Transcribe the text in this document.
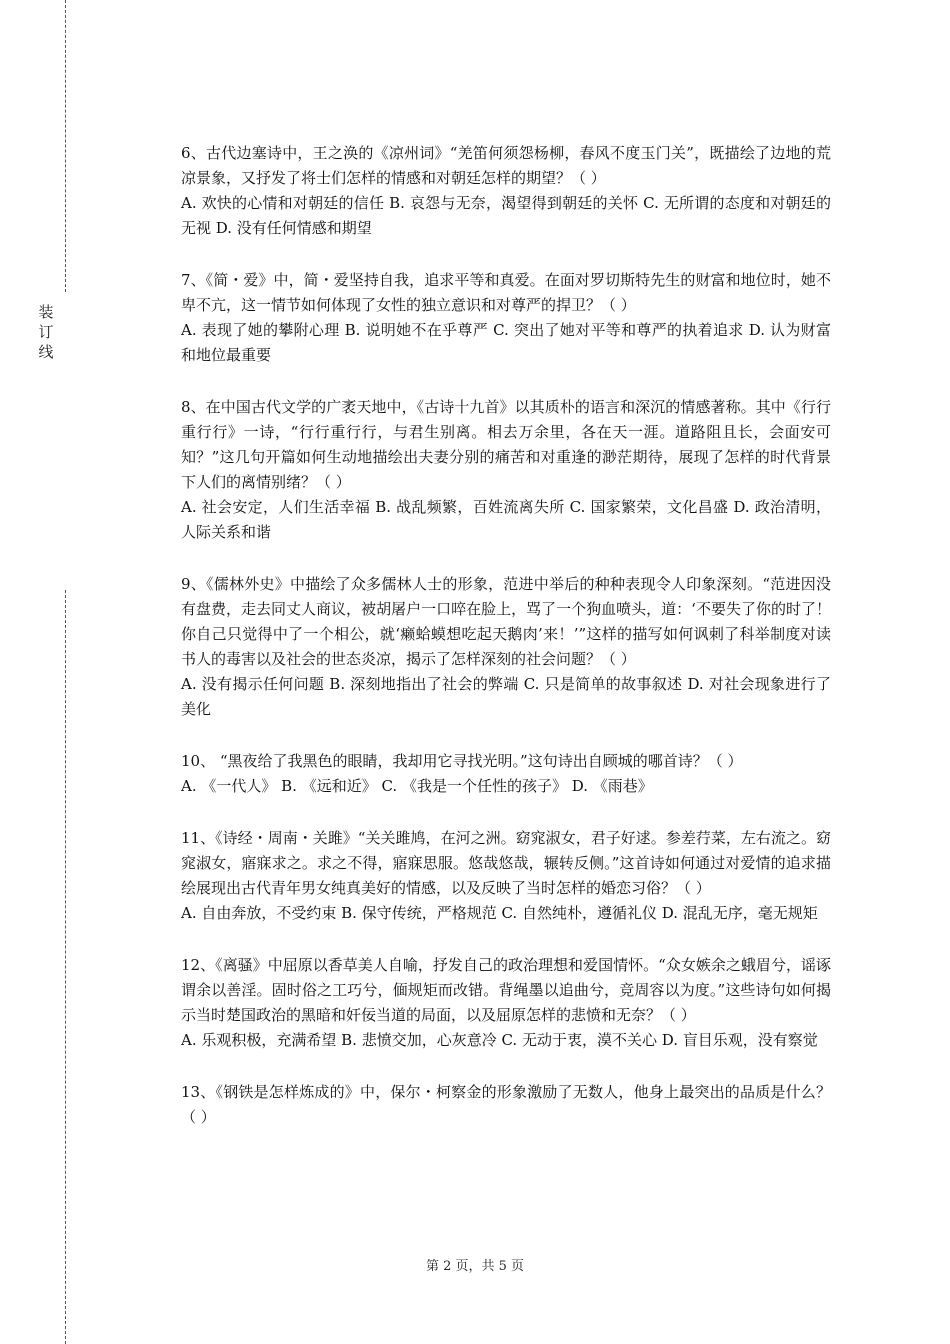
装
订
线

6、古代边塞诗中，王之涣的《凉州词》“羌笛何须怨杨柳，春风不度玉门关”，既描绘了边地的荒凉景象，又抒发了将士们怎样的情感和对朝廷怎样的期望？（ ）

A. 欢快的心情和对朝廷的信任 B. 哀怨与无奈，渴望得到朝廷的关怀 C. 无所谓的态度和对朝廷的无视 D. 没有任何情感和期望

7、《简・爱》中，简・爱坚持自我，追求平等和真爱。在面对罗切斯特先生的财富和地位时，她不卑不亢，这一情节如何体现了女性的独立意识和对尊严的捍卫？（ ）

A. 表现了她的攀附心理 B. 说明她不在乎尊严 C. 突出了她对平等和尊严的执着追求 D. 认为财富和地位最重要

8、在中国古代文学的广袤天地中，《古诗十九首》以其质朴的语言和深沉的情感著称。其中《行行重行行》一诗，“行行重行行，与君生别离。相去万余里，各在天一涯。道路阻且长，会面安可知？”这几句开篇如何生动地描绘出夫妻分别的痛苦和对重逢的渺茫期待，展现了怎样的时代背景下人们的离情别绪？（ ）

A. 社会安定，人们生活幸福 B. 战乱频繁，百姓流离失所 C. 国家繁荣，文化昌盛 D. 政治清明，人际关系和谐

9、《儒林外史》中描绘了众多儒林人士的形象，范进中举后的种种表现令人印象深刻。“范进因没有盘费，走去同丈人商议，被胡屠户一口啐在脸上，骂了一个狗血喷头，道：‘不要失了你的时了！你自己只觉得中了一个相公，就‘癞蛤蟆想吃起天鹅肉’来！’”这样的描写如何讽刺了科举制度对读书人的毒害以及社会的世态炎凉，揭示了怎样深刻的社会问题？（ ）

A. 没有揭示任何问题 B. 深刻地指出了社会的弊端 C. 只是简单的故事叙述 D. 对社会现象进行了美化

10、 “黑夜给了我黑色的眼睛，我却用它寻找光明。”这句诗出自顾城的哪首诗？（ ）

A. 《一代人》 B. 《远和近》 C. 《我是一个任性的孩子》 D. 《雨巷》

11、《诗经・周南・关雎》“关关雎鸠，在河之洲。窈窕淑女，君子好逑。参差荇菜，左右流之。窈窕淑女，寤寐求之。求之不得，寤寐思服。悠哉悠哉，辗转反侧。”这首诗如何通过对爱情的追求描绘展现出古代青年男女纯真美好的情感，以及反映了当时怎样的婚恋习俗？（ ）

A. 自由奔放，不受约束 B. 保守传统，严格规范 C. 自然纯朴，遵循礼仪 D. 混乱无序，毫无规矩

12、《离骚》中屈原以香草美人自喻，抒发自己的政治理想和爱国情怀。“众女嫉余之蛾眉兮，谣诼谓余以善淫。固时俗之工巧兮，偭规矩而改错。背绳墨以追曲兮，竞周容以为度。”这些诗句如何揭示当时楚国政治的黑暗和奸佞当道的局面，以及屈原怎样的悲愤和无奈？（ ）

A. 乐观积极，充满希望 B. 悲愤交加，心灰意冷 C. 无动于衷，漠不关心 D. 盲目乐观，没有察觉

13、《钢铁是怎样炼成的》中，保尔・柯察金的形象激励了无数人，他身上最突出的品质是什么？（ ）

第 2 页，共 5 页
